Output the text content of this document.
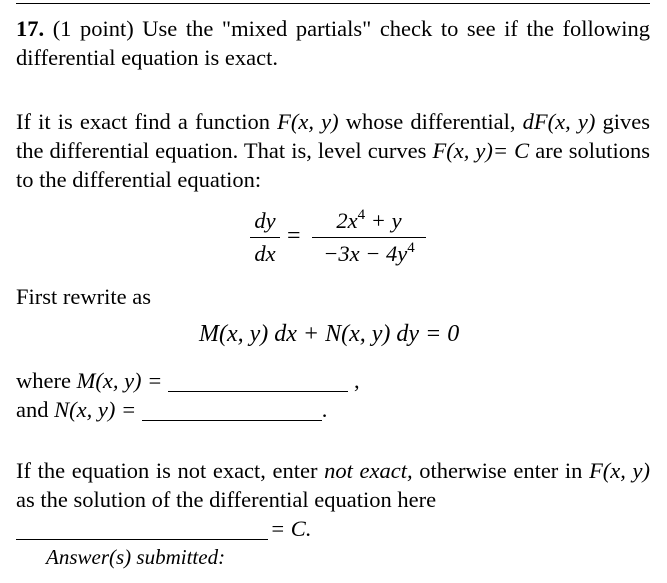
17. (1 point) Use the "mixed partials" check to see if the following differential equation is exact.
If it is exact find a function F(x, y) whose differential, dF(x, y) gives the differential equation. That is, level curves F(x, y)= C are solutions to the differential equation:
dy
dx
=
$2x^4 + y$
$-3x - 4y^4$
First rewrite as
M(x, y) dx + N(x, y) dy = 0
where M(x, y) =	,
and N(x, y) =	.
If the equation is not exact, enter not exact, otherwise enter in F(x, y) as the solution of the differential equation here
= C.
Answer(s) submitted:
